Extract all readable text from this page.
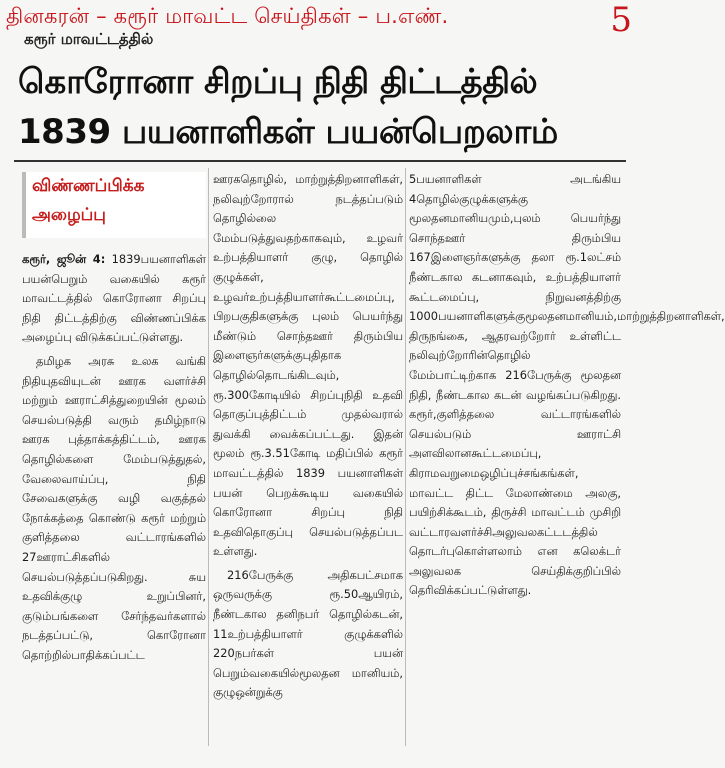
தினகரன் – கரூர் மாவட்ட செய்திகள் – ப.எண்.	5
கரூர் மாவட்டத்தில்
கொரோனா சிறப்பு நிதி திட்டத்தில்
1839 பயனாளிகள் பயன்பெறலாம்
விண்ணப்பிக்க
அழைப்பு

கரூர், ஜூன் 4: 1839பயனாளிகள் பயன்பெறும் வகையில் கரூர் மாவட்டத்தில் கொரோனா சிறப்பு நிதி திட்டத்திற்கு விண்ணப்பிக்க அழைப்பு விடுக்கப்பட்டுள்ளது.

தமிழக அரசு உலக வங்கி நிதியுதவியுடன் ஊரக வளர்ச்சி மற்றும் ஊராட்சித்துறையின் மூலம் செயல்படுத்தி வரும் தமிழ்நாடு ஊரக புத்தாக்கத்திட்டம், ஊரக தொழில்களை மேம்படுத்துதல், வேலைவாய்ப்பு, நிதி சேவைகளுக்கு வழி வகுத்தல் நோக்கத்தை கொண்டு கரூர் மற்றும் குளித்தலை வட்டாரங்களில் 27ஊராட்சிகளில் செயல்படுத்தப்படுகிறது. சுய உதவிக்குழு உறுப்பினர், குடும்பங்களை சேர்ந்தவர்களால் நடத்தப்பட்டு, கொரோனா தொற்றில்பாதிக்கப்பட்ட

ஊரகதொழில், மாற்றுத்திறனாளிகள், நலிவுற்றோரால் நடத்தப்படும் தொழில்லை மேம்படுத்துவதற்காகவும், உழவர் உற்பத்தியாளர் குழு, தொழில் குழுக்கள், உழவர்உற்பத்தியாளர்கூட்டமைப்பு, பிறபகுதிகளுக்கு புலம் பெயர்ந்து மீண்டும் சொந்தஊர் திரும்பிய இளைஞர்களுக்குபுதிதாக தொழில்தொடங்கிடவும், ரூ.300கோடியில் சிறப்புநிதி உதவி தொகுப்புத்திட்டம் முதல்வரால் துவக்கி வைக்கப்பட்டது. இதன் மூலம் ரூ.3.51கோடி மதிப்பில் கரூர் மாவட்டத்தில் 1839 பயனாளிகள் பயன் பெறக்கூடிய வகையில் கொரோனா சிறப்பு நிதி உதவிதொகுப்பு செயல்படுத்தப்பட உள்ளது.

216பேருக்கு அதிகபட்சமாக ஒருவருக்கு ரூ.50ஆயிரம், நீண்டகால தனிநபர் தொழில்கடன், 11உற்பத்தியாளர் குழுக்களில் 220நபர்கள் பயன் பெறும்வகையில்மூலதன மானியம், குழுஒன்றுக்கு

5பயனாளிகள் அடங்கிய 4தொழில்குழுக்களுக்கு மூலதனமானியமும்,புலம் பெயர்ந்து சொந்தஊர் திரும்பிய 167இளைஞர்களுக்கு தலா ரூ.1லட்சம் நீண்டகால கடனாகவும், உற்பத்தியாளர் கூட்டமைப்பு, நிறுவனத்திற்கு 1000பயனாளிகளுக்குமூலதனமானியம்,மாற்றுத்திறனாளிகள், திருநங்கை, ஆதரவற்றோர் உள்ளிட்ட நலிவுற்றோரின்தொழில் மேம்பாட்டிற்காக 216பேருக்கு மூலதன நிதி, நீண்டகால கடன் வழங்கப்படுகிறது. கரூர்,குளித்தலை வட்டாரங்களில் செயல்படும் ஊராட்சி அளவிலானகூட்டமைப்பு, கிராமவறுமைஒழிப்புச்சங்கங்கள், மாவட்ட திட்ட மேலாண்மை அலகு, பயிற்சிக்கூடம், திருச்சி மாவட்டம் முசிறி வட்டாரவளர்ச்சிஅலுவலகட்டடத்தில் தொடர்புகொள்ளலாம் என கலெக்டர் அலுவலக செய்திக்குறிப்பில் தெரிவிக்கப்பட்டுள்ளது.
